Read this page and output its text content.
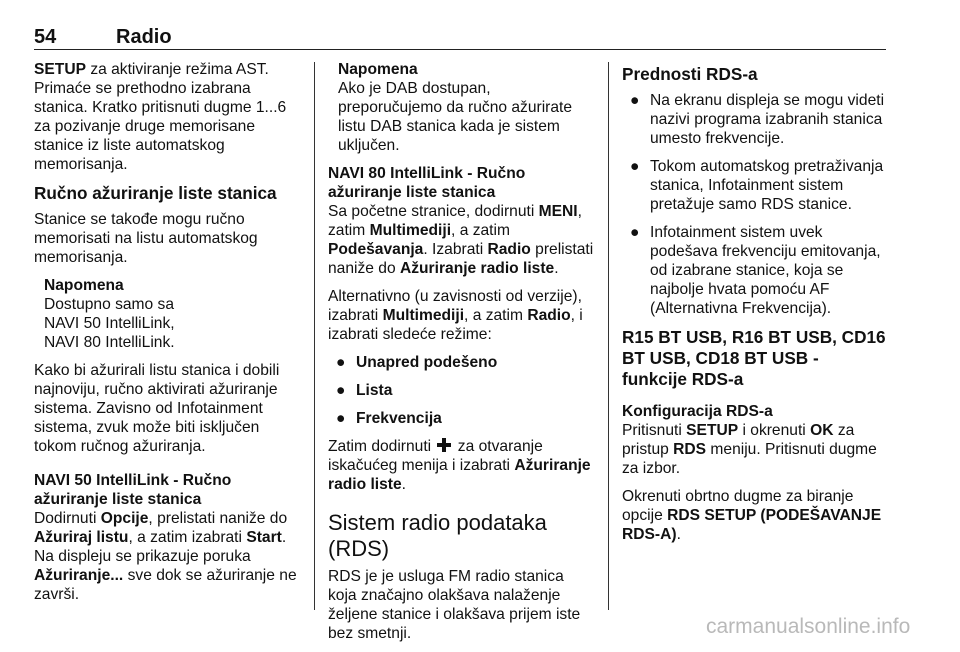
54	Radio

SETUP za aktiviranje režima AST. Primaće se prethodno izabrana stanica. Kratko pritisnuti dugme 1...6 za pozivanje druge memorisane stanice iz liste automatskog memorisanja.

Ručno ažuriranje liste stanica

Stanice se takođe mogu ručno memorisati na listu automatskog memorisanja.

Napomena
Dostupno samo sa
NAVI 50 IntelliLink,
NAVI 80 IntelliLink.

Kako bi ažurirali listu stanica i dobili najnoviju, ručno aktivirati ažuriranje sistema. Zavisno od Infotainment sistema, zvuk može biti isključen tokom ručnog ažuriranja.

NAVI 50 IntelliLink - Ručno ažuriranje liste stanica

Dodirnuti Opcije, prelistati naniže do Ažuriraj listu, a zatim izabrati Start.

Na displeju se prikazuje poruka Ažuriranje... sve dok se ažuriranje ne završi.

Napomena
Ako je DAB dostupan, preporučujemo da ručno ažurirate listu DAB stanica kada je sistem uključen.
NAVI 80 IntelliLink - Ručno ažuriranje liste stanica

Sa početne stranice, dodirnuti MENI, zatim Multimediji, a zatim Podešavanja. Izabrati Radio prelistati naniže do Ažuriranje radio liste.

Alternativno (u zavisnosti od verzije), izabrati Multimediji, a zatim Radio, i izabrati sledeće režime:

● Unapred podešeno
● Lista
● Frekvencija

Zatim dodirnuti  za otvaranje iskačućeg menija i izabrati Ažuriranje radio liste.

Sistem radio podataka (RDS)

RDS je je usluga FM radio stanica koja značajno olakšava nalaženje željene stanice i olakšava prijem iste bez smetnji.

Prednosti RDS-a
● Na ekranu displeja se mogu videti nazivi programa izabranih stanica umesto frekvencije.
● Tokom automatskog pretraživanja stanica, Infotainment sistem pretažuje samo RDS stanice.
● Infotainment sistem uvek podešava frekvenciju emitovanja, od izabrane stanice, koja se najbolje hvata pomoću AF (Alternativna Frekvencija).
R15 BT USB, R16 BT USB, CD16 BT USB, CD18 BT USB - funkcije RDS-a
Konfiguracija RDS-a

Pritisnuti SETUP i okrenuti OK za pristup RDS meniju. Pritisnuti dugme za izbor.

Okrenuti obrtno dugme za biranje opcije RDS SETUP (PODEŠAVANJE RDS-A).

carmanualsonline.info
